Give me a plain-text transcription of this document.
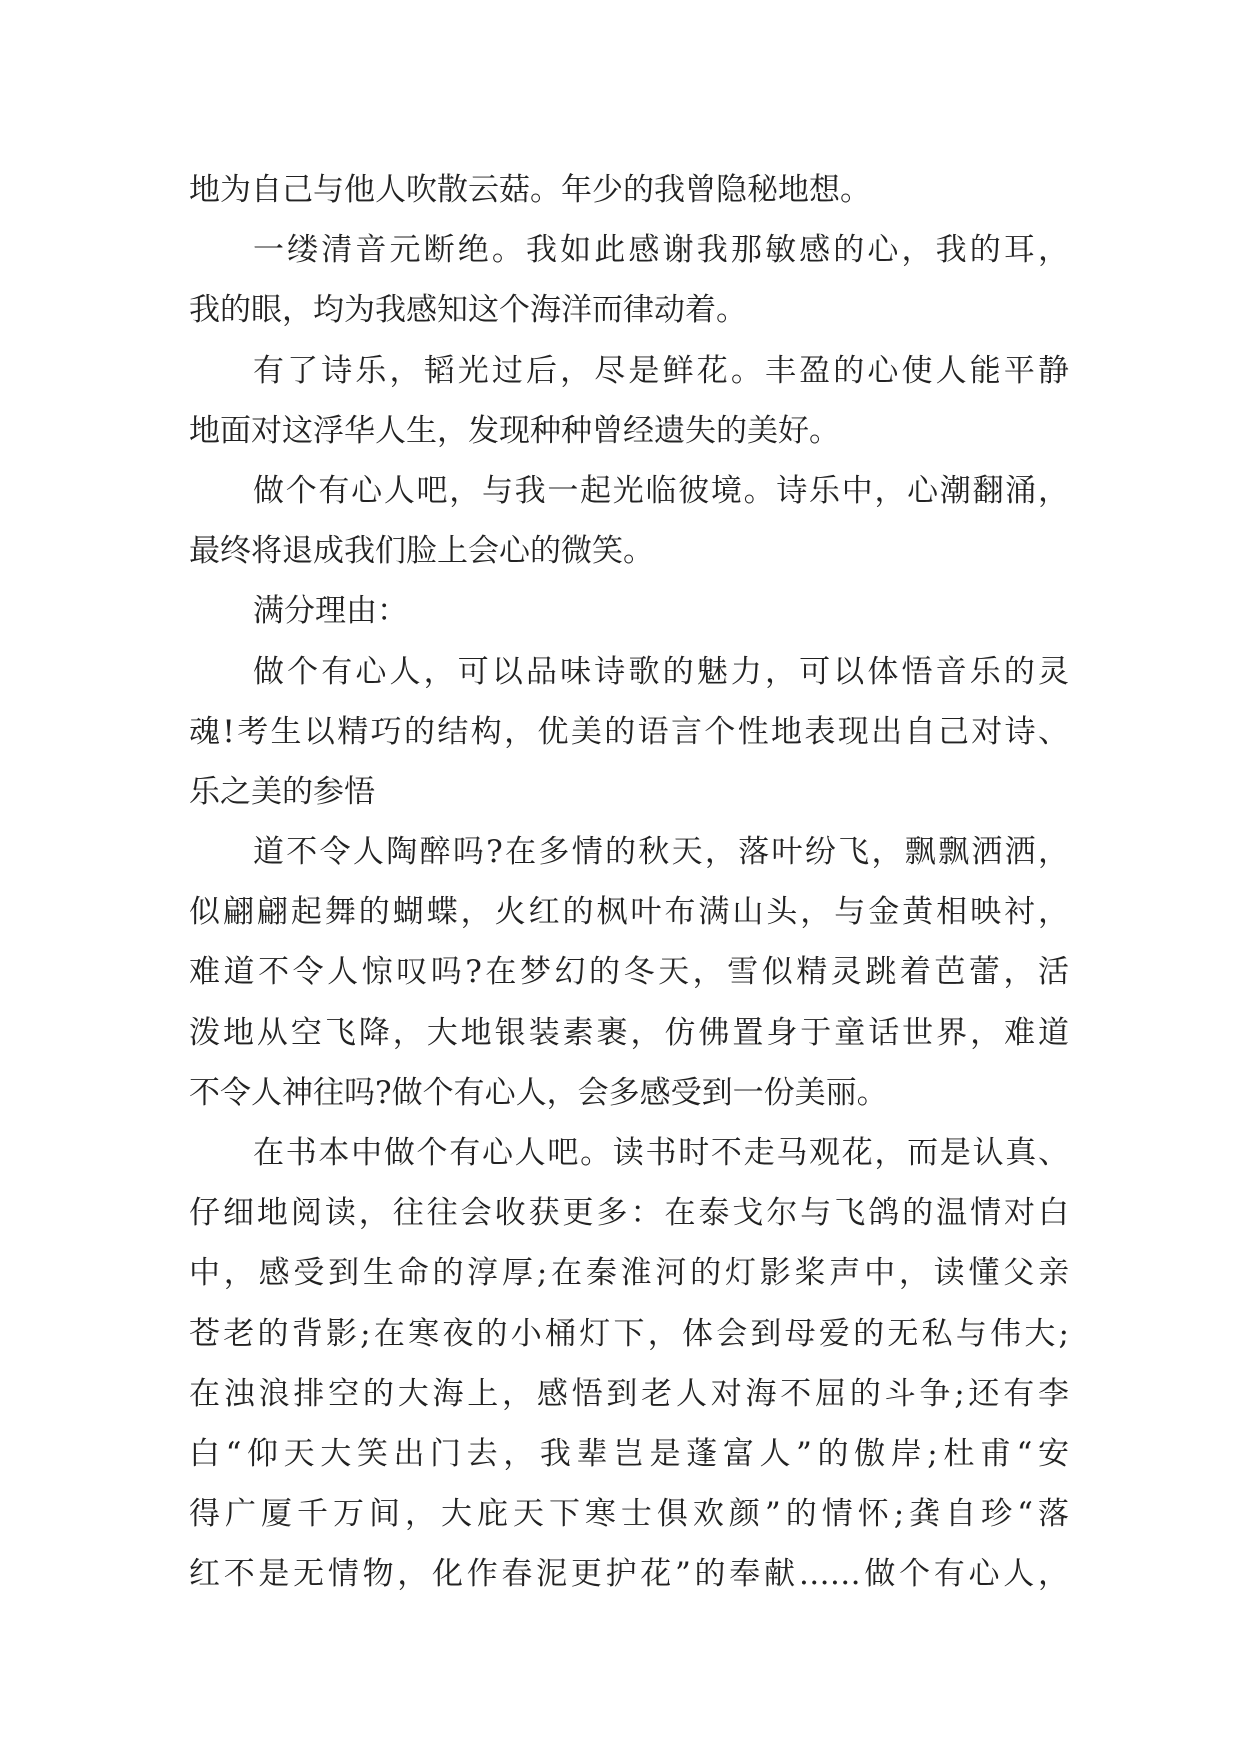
地为自己与他人吹散云菇。年少的我曾隐秘地想。
一缕清音元断绝。我如此感谢我那敏感的心，我的耳，
我的眼，均为我感知这个海洋而律动着。
有了诗乐，韬光过后，尽是鲜花。丰盈的心使人能平静
地面对这浮华人生，发现种种曾经遗失的美好。
做个有心人吧，与我一起光临彼境。诗乐中，心潮翻涌，
最终将退成我们脸上会心的微笑。
满分理由：
做个有心人，可以品味诗歌的魅力，可以体悟音乐的灵
魂!考生以精巧的结构，优美的语言个性地表现出自己对诗、
乐之美的参悟
道不令人陶醉吗?在多情的秋天，落叶纷飞，飘飘洒洒，
似翩翩起舞的蝴蝶，火红的枫叶布满山头，与金黄相映衬，
难道不令人惊叹吗?在梦幻的冬天，雪似精灵跳着芭蕾，活
泼地从空飞降，大地银装素裹，仿佛置身于童话世界，难道
不令人神往吗?做个有心人，会多感受到一份美丽。
在书本中做个有心人吧。读书时不走马观花，而是认真、
仔细地阅读，往往会收获更多：在泰戈尔与飞鸽的温情对白
中，感受到生命的淳厚;在秦淮河的灯影桨声中，读懂父亲
苍老的背影;在寒夜的小桶灯下，体会到母爱的无私与伟大;
在浊浪排空的大海上，感悟到老人对海不屈的斗争;还有李
白“仰天大笑出门去，我辈岂是蓬富人”的傲岸;杜甫“安
得广厦千万间，大庇天下寒士俱欢颜”的情怀;龚自珍“落
红不是无情物，化作春泥更护花”的奉献……做个有心人，
